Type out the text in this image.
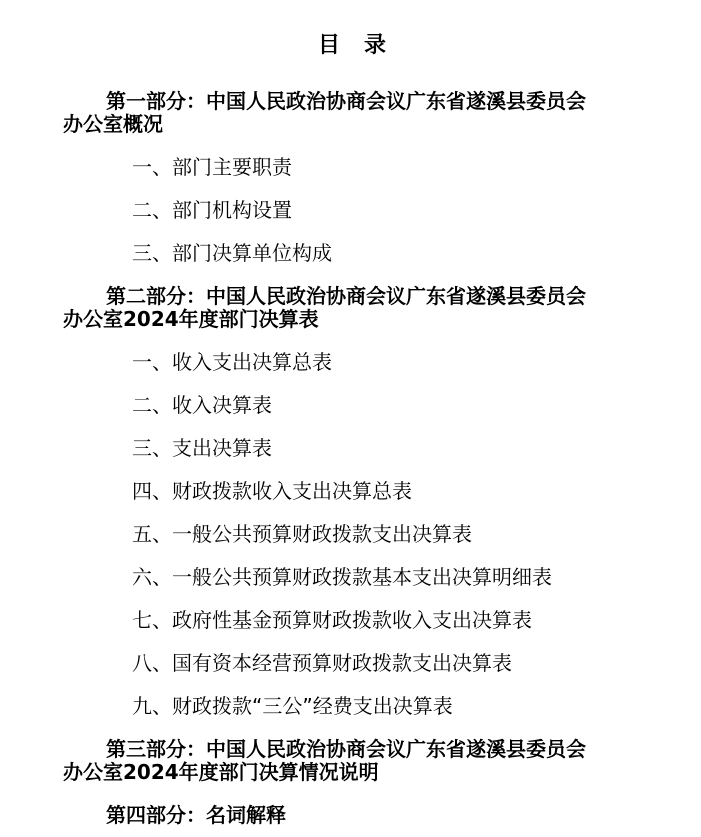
目　录

第一部分：中国人民政治协商会议广东省遂溪县委员会
办公室概况

一、部门主要职责

二、部门机构设置

三、部门决算单位构成

第二部分：中国人民政治协商会议广东省遂溪县委员会
办公室2024年度部门决算表

一、收入支出决算总表

二、收入决算表

三、支出决算表

四、财政拨款收入支出决算总表

五、一般公共预算财政拨款支出决算表

六、一般公共预算财政拨款基本支出决算明细表

七、政府性基金预算财政拨款收入支出决算表

八、国有资本经营预算财政拨款支出决算表

九、财政拨款“三公”经费支出决算表

第三部分：中国人民政治协商会议广东省遂溪县委员会
办公室2024年度部门决算情况说明

第四部分：名词解释
